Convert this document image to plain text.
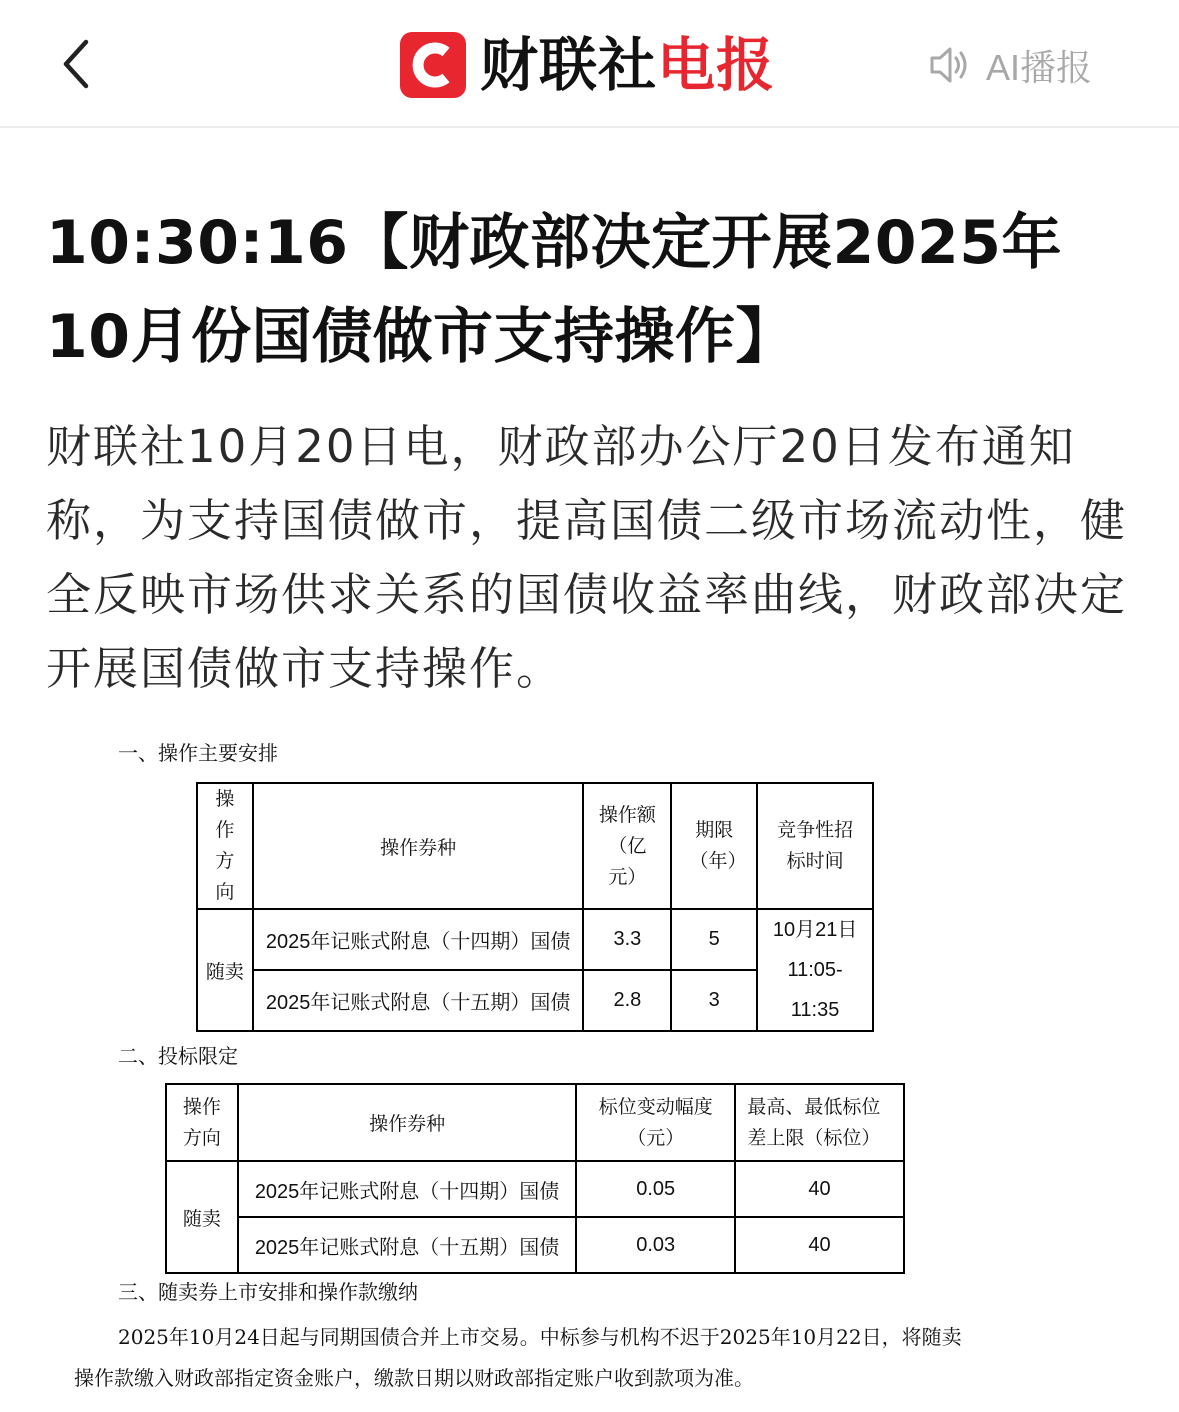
财联社电报	AI播报
10:30:16【财政部决定开展2025年10月份国债做市支持操作】

财联社10月20日电，财政部办公厅20日发布通知称，为支持国债做市，提高国债二级市场流动性，健全反映市场供求关系的国债收益率曲线，财政部决定开展国债做市支持操作。

一、操作主要安排
操作方向	操作券种	操作额（亿元）	期限（年）	竞争性招标时间

随卖	2025年记账式附息（十四期）国债	3.3	5	10月21日
11:05-
11:35

	2025年记账式附息（十五期）国债	2.8	3	
二、投标限定
操作方向	操作券种	标位变动幅度（元）	最高、最低标位差上限（标位）

随卖	2025年记账式附息（十四期）国债	0.05	40
	2025年记账式附息（十五期）国债	0.03	40
三、随卖券上市安排和操作款缴纳
2025年10月24日起与同期国债合并上市交易。中标参与机构不迟于2025年10月22日，将随卖
操作款缴入财政部指定资金账户，缴款日期以财政部指定账户收到款项为准。
